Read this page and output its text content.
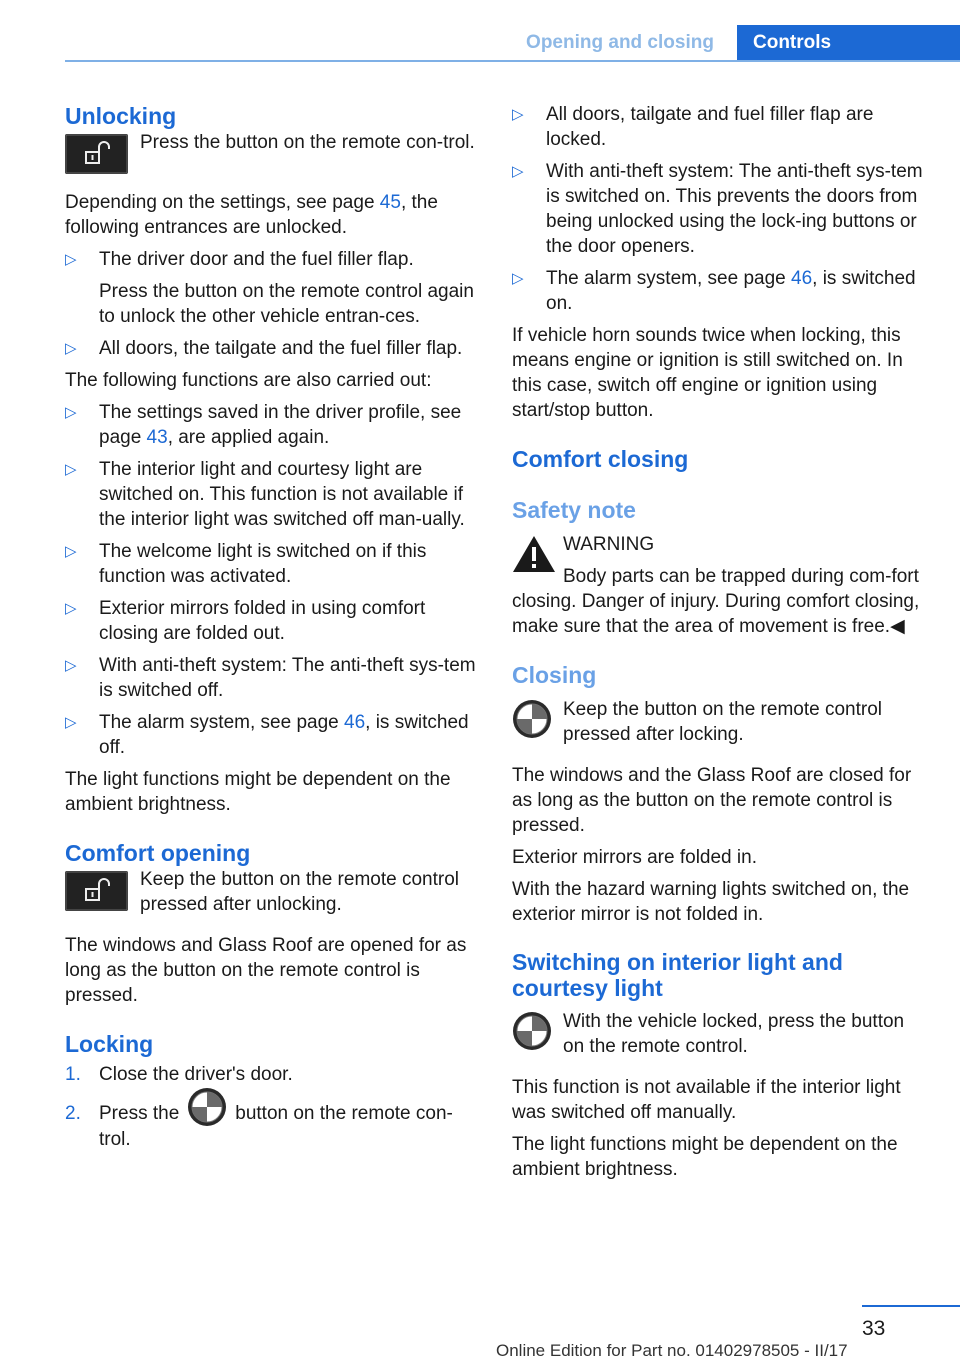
Opening and closing	Controls
Unlocking

Press the button on the remote con‐trol.

Depending on the settings, see page 45, the following entrances are unlocked.

▷ The driver door and the fuel filler flap.
Press the button on the remote control again to unlock the other vehicle entran‐ces.
▷ All doors, the tailgate and the fuel filler flap.

The following functions are also carried out:

▷ The settings saved in the driver profile, see page 43, are applied again.
▷ The interior light and courtesy light are switched on. This function is not available if the interior light was switched off man‐ually.
▷ The welcome light is switched on if this function was activated.
▷ Exterior mirrors folded in using comfort closing are folded out.
▷ With anti-theft system: The anti-theft sys‐tem is switched off.
▷ The alarm system, see page 46, is switched off.

The light functions might be dependent on the ambient brightness.

Comfort opening

Keep the button on the remote control pressed after unlocking.

The windows and Glass Roof are opened for as long as the button on the remote control is pressed.

Locking
1. Close the driver's door.
2. Press the	button on the remote con‐trol.
▷ All doors, tailgate and fuel filler flap are locked.
▷ With anti-theft system: The anti-theft sys‐tem is switched on. This prevents the doors from being unlocked using the lock‐ing buttons or the door openers.
▷ The alarm system, see page 46, is switched on.

If vehicle horn sounds twice when locking, this means engine or ignition is still switched on. In this case, switch off engine or ignition using start/stop button.

Comfort closing
Safety note

WARNING

Body parts can be trapped during com‐fort closing. Danger of injury. During comfort closing, make sure that the area of movement is free.◀

Closing

Keep the button on the remote control pressed after locking.

The windows and the Glass Roof are closed for as long as the button on the remote control is pressed.

Exterior mirrors are folded in.

With the hazard warning lights switched on, the exterior mirror is not folded in.

Switching on interior light and courtesy light

With the vehicle locked, press the button on the remote control.

This function is not available if the interior light was switched off manually.

The light functions might be dependent on the ambient brightness.

33
Online Edition for Part no. 01402978505 - II/17
